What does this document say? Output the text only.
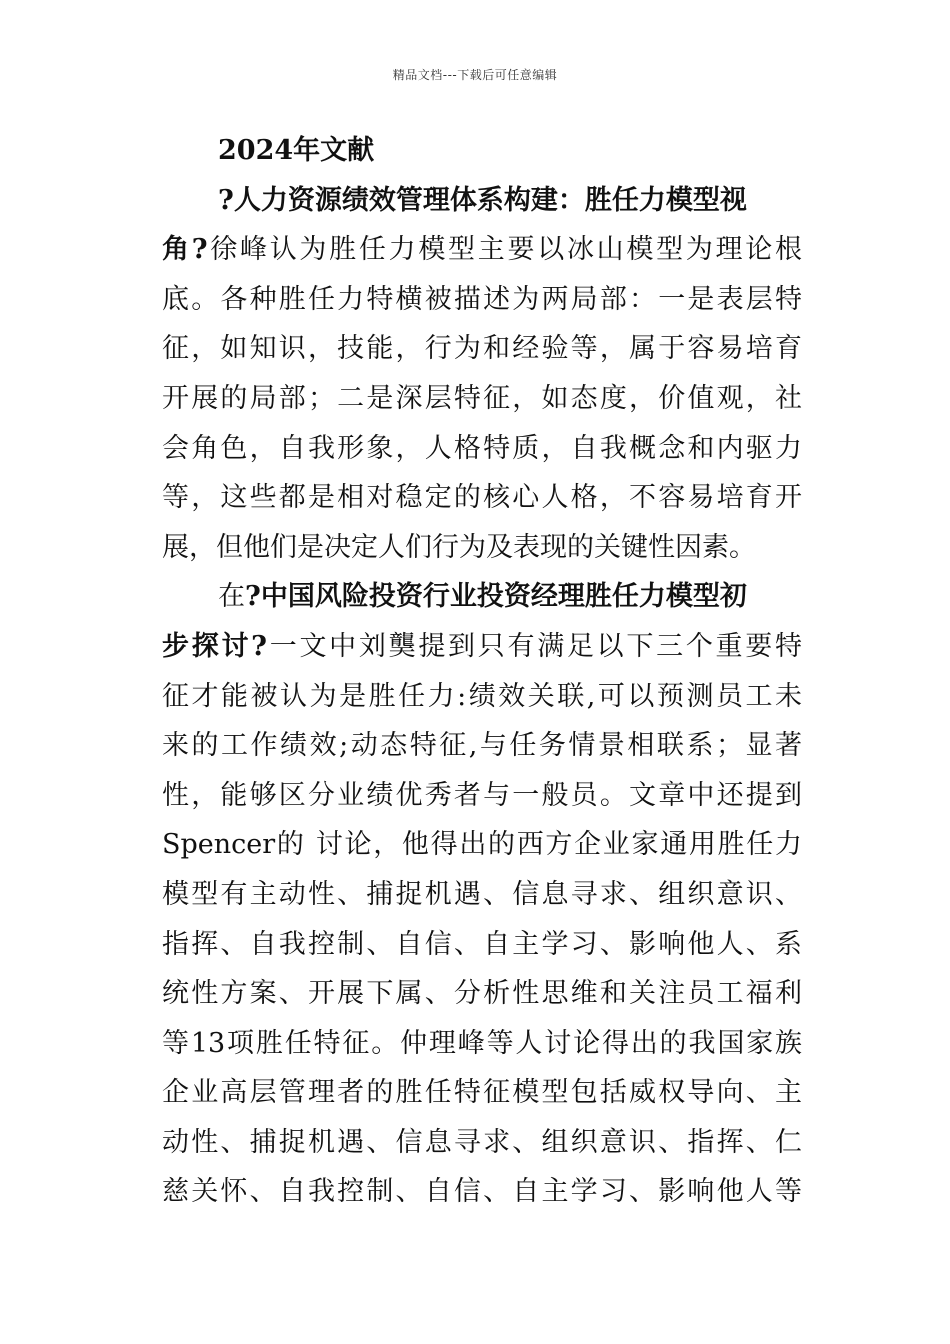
精品文档---下载后可任意编辑
2024年文献
?人力资源绩效管理体系构建：胜任力模型视
角?徐峰认为胜任力模型主要以冰山模型为理论根
底。各种胜任力特横被描述为两局部：一是表层特
征，如知识，技能，行为和经验等，属于容易培育
开展的局部；二是深层特征，如态度，价值观，社
会角色，自我形象，人格特质，自我概念和内驱力
等，这些都是相对稳定的核心人格，不容易培育开
展，但他们是决定人们行为及表现的关键性因素。
在?中国风险投资行业投资经理胜任力模型初
步探讨?一文中刘龑提到只有满足以下三个重要特
征才能被认为是胜任力:绩效关联,可以预测员工未
来的工作绩效;动态特征,与任务情景相联系；显著
性，能够区分业绩优秀者与一般员。文章中还提到
Spencer的 讨论，他得出的西方企业家通用胜任力
模型有主动性、捕捉机遇、信息寻求、组织意识、
指挥、自我控制、自信、自主学习、影响他人、系
统性方案、开展下属、分析性思维和关注员工福利
等13项胜任特征。仲理峰等人讨论得出的我国家族
企业高层管理者的胜任特征模型包括威权导向、主
动性、捕捉机遇、信息寻求、组织意识、指挥、仁
慈关怀、自我控制、自信、自主学习、影响他人等
